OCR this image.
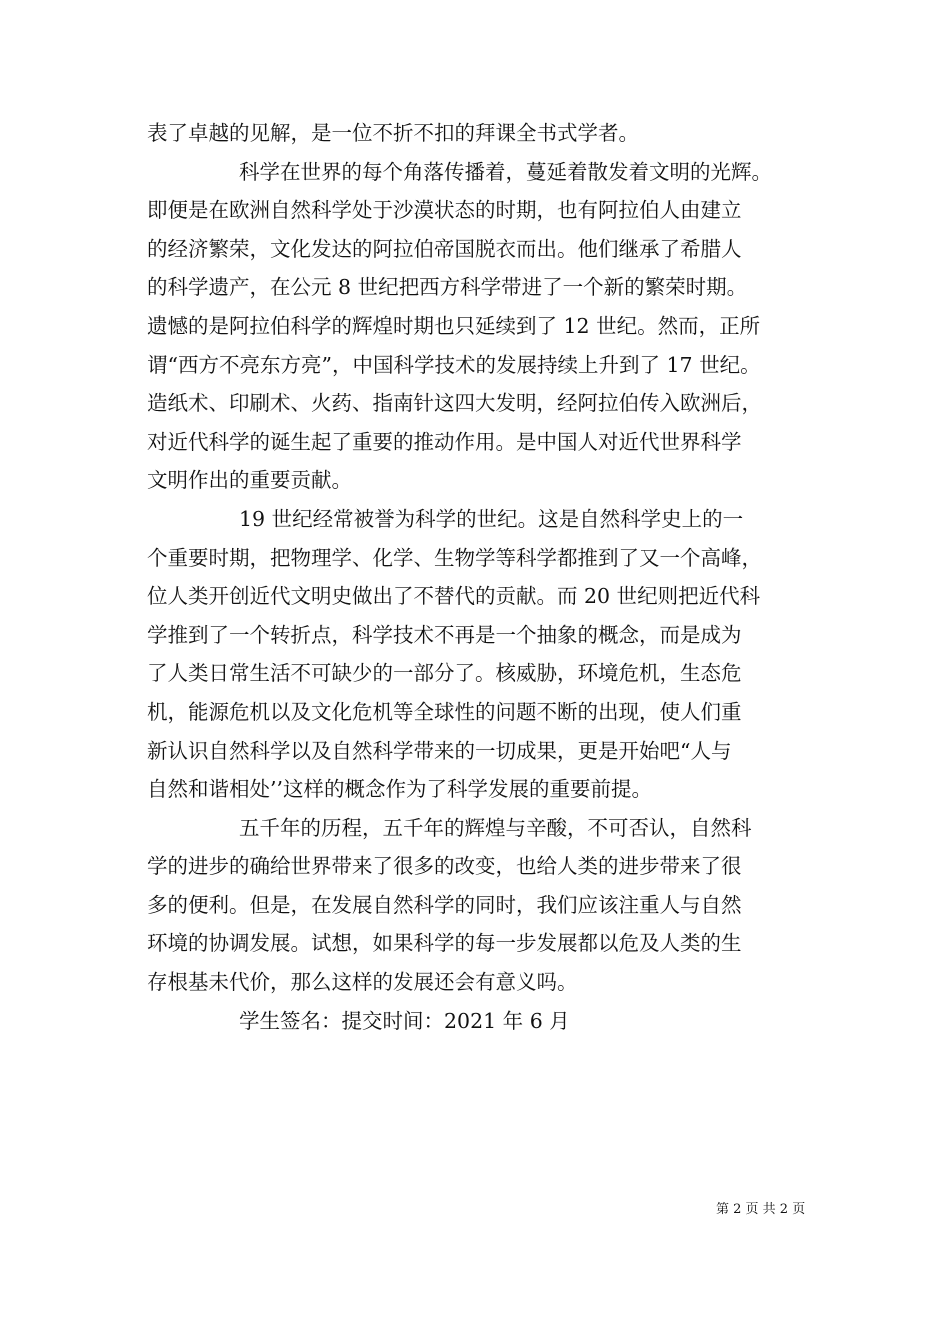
表了卓越的见解，是一位不折不扣的拜课全书式学者。
科学在世界的每个角落传播着，蔓延着散发着文明的光辉。
即便是在欧洲自然科学处于沙漠状态的时期，也有阿拉伯人由建立
的经济繁荣，文化发达的阿拉伯帝国脱衣而出。他们继承了希腊人
的科学遗产，在公元 8 世纪把西方科学带进了一个新的繁荣时期。
遗憾的是阿拉伯科学的辉煌时期也只延续到了 12 世纪。然而，正所
谓“西方不亮东方亮”，中国科学技术的发展持续上升到了 17 世纪。
造纸术、印刷术、火药、指南针这四大发明，经阿拉伯传入欧洲后，
对近代科学的诞生起了重要的推动作用。是中国人对近代世界科学
文明作出的重要贡献。
19 世纪经常被誉为科学的世纪。这是自然科学史上的一
个重要时期，把物理学、化学、生物学等科学都推到了又一个高峰，
位人类开创近代文明史做出了不替代的贡献。而 20 世纪则把近代科
学推到了一个转折点，科学技术不再是一个抽象的概念，而是成为
了人类日常生活不可缺少的一部分了。核威胁，环境危机，生态危
机，能源危机以及文化危机等全球性的问题不断的出现，使人们重
新认识自然科学以及自然科学带来的一切成果，更是开始吧“人与
自然和谐相处’’这样的概念作为了科学发展的重要前提。
五千年的历程，五千年的辉煌与辛酸，不可否认，自然科
学的进步的确给世界带来了很多的改变，也给人类的进步带来了很
多的便利。但是，在发展自然科学的同时，我们应该注重人与自然
环境的协调发展。试想，如果科学的每一步发展都以危及人类的生
存根基未代价，那么这样的发展还会有意义吗。
学生签名：提交时间：2021 年 6 月
第 2 页 共 2 页
